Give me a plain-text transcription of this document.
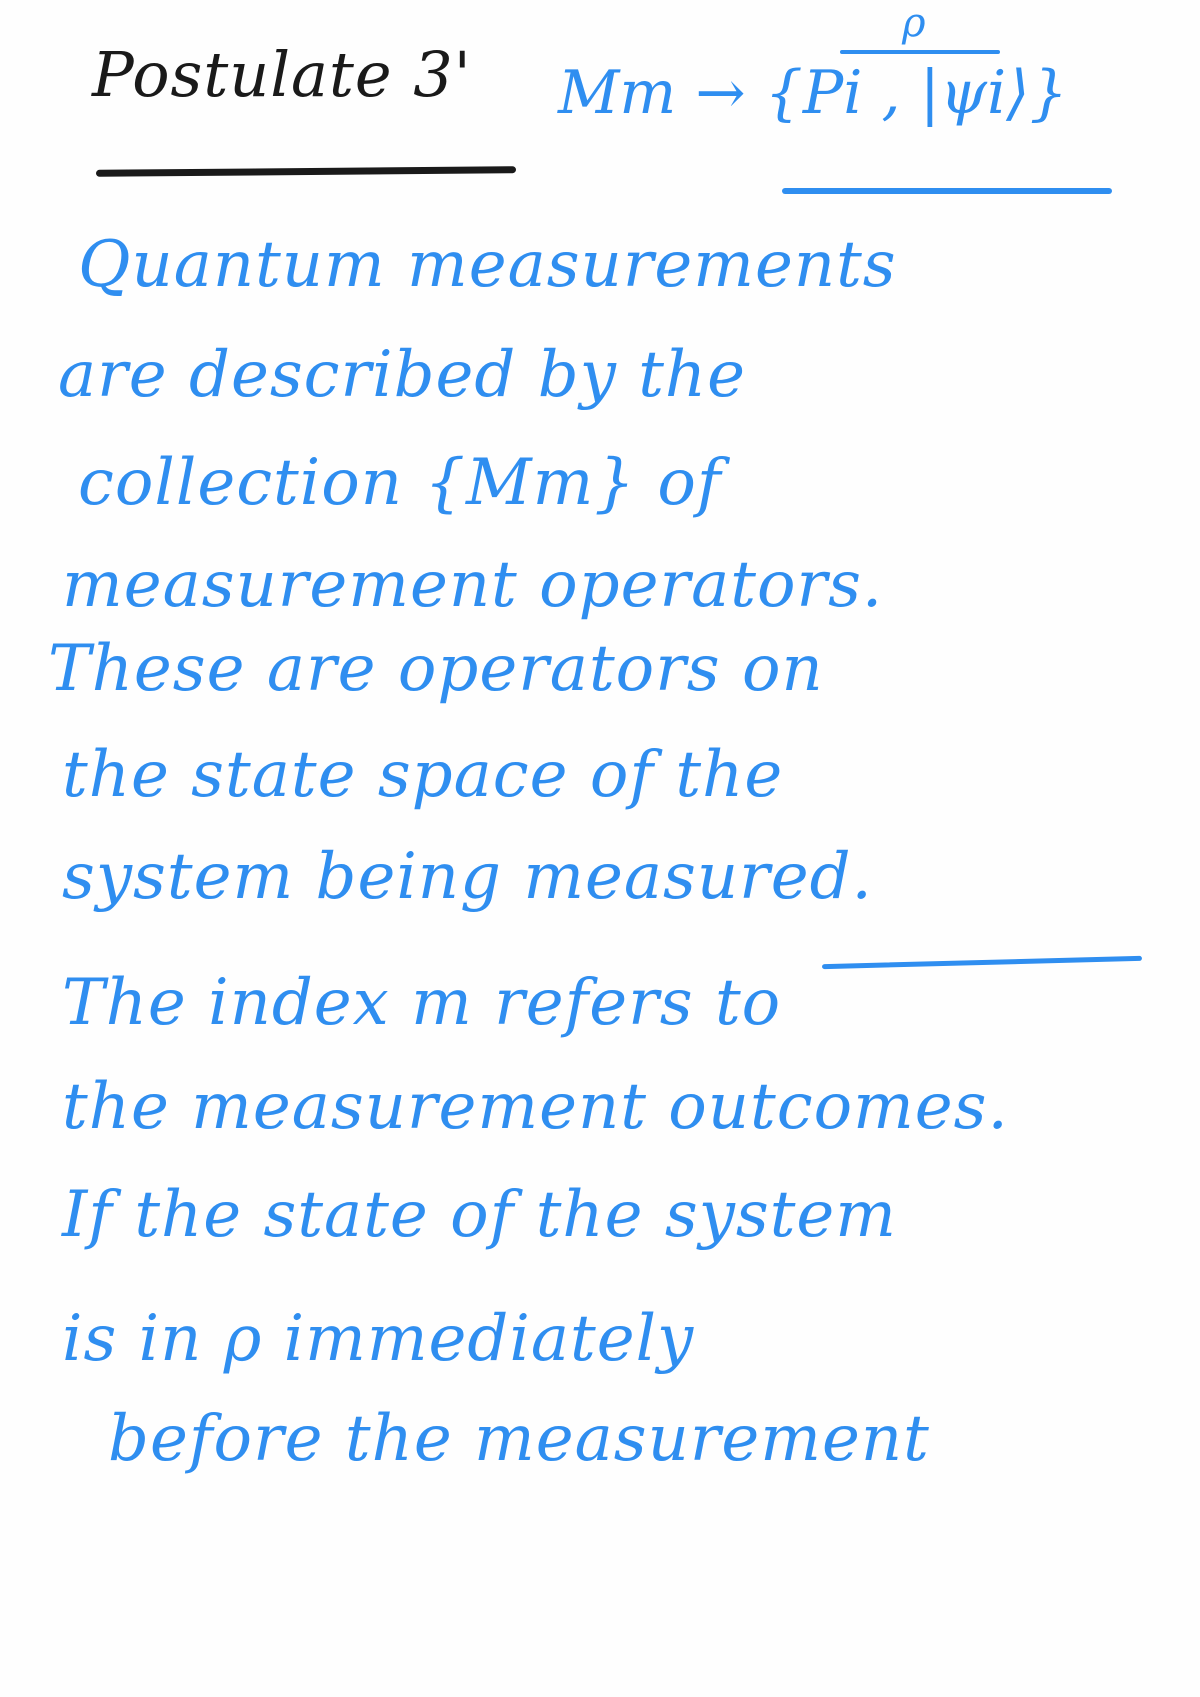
Postulate 3'
ρ
Mm → {Pi , |ψi⟩}
Quantum measurements
are described by the
collection {Mm} of
measurement operators.
These are operators on
the state space of the
system being measured.
The index m refers to
the measurement outcomes.
If the state of the system
is in ρ immediately
before the measurement
